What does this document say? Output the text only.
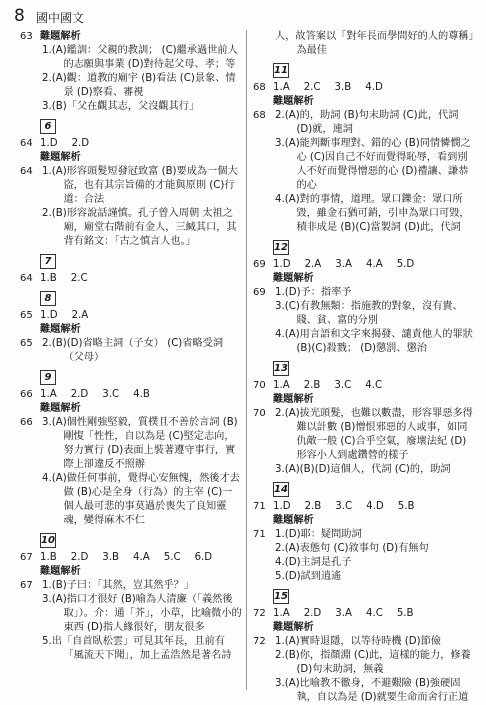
8 國中國文
63 難題解析
1.(A)鑑訓：父親的教訓； (C)繼承過世前人的志願與事業 (D)對待起父母、孝；等
2.(A)觀：道教的廟宇 (B)看法 (C)景象、情景 (D)察看、審視
3.(B)「父在觀其志，父沒觀其行」
6
64 1.D 2.D
難題解析
64 1.(A)形容頭髮短發冠致富 (B)要成為一個大盜，也有其宗旨備的才能與原則 (C)行道：合法
2.(B)形容說話謹慎。孔子曾入周朝 太祖之廟，廟堂右階前有金人，三緘其口，其背有銘文：「古之慎言人也。」
7
64 1.B 2.C
8
65 1.D 2.A
難題解析
65 2.(B)(D)省略主詞（子女） (C)省略受詞（父母）
9
66 1.A 2.D 3.C 4.B
難題解析
66 3.(A)個性剛強堅毅，質樸且不善於言詞 (B)剛愎「性性，自以為是 (C)堅定志向，努力實行 (D)表面上裝著遵守事行，實際上卻違反不照辦
4.(A)做任何事前，覺得心安無愧，然後才去做 (B)心是全身（行為）的主宰 (C)一個人最可悲的事莫過於喪失了良知靈魂，變得麻木不仁
10
67 1.B 2.D 3.B 4.A 5.C 6.D
難題解析
67 1.(B)子曰：「其然，豈其然乎？」
3.(A)指口才很好 (B)喻為人清廉（「義然後取」）。介：通「芥」，小草，比喻微小的東西 (D)指人緣很好，朋友很多
5.出「自首臥松雲」可見其年長，且前有「風流天下聞」，加上孟浩然是著名詩
人，故答案以「對年長而學問好的人的尊稱」為最佳
11
68 1.A 2.C 3.B 4.D
難題解析
68 2.(A)的，助詞 (B)句末助詞 (C)此，代詞 (D)就，連詞
3.(A)能判斷事理對、錯的心 (B)同情憐憫之心 (C)因自己不好而覺得恥辱，看到別人不好而覺得憎惡的心 (D)禮讓、謙恭的心
4.(A)對的事情，道理。眾口鑠金：眾口所毀，雖金石猶可銷，引申為眾口可毀，積非成是 (B)(C)當製詞 (D)此，代詞
12
69 1.D 2.A 3.A 4.A 5.D
難題解析
69 1.(D)予：指率予
3.(C)有教無類：指施教的對象，沒有貴、賤、貧、富的分別
4.(A)用言語和文字來揭發、譴責他人的罪狀 (B)(C)殺戮； (D)懲罰、懲治
13
70 1.A 2.B 3.C 4.C
難題解析
70 2.(A)拔光頭髮，也難以數盡，形容罪惡多得難以計數 (B)憎恨邪惡的人或事，如同仇敵一般 (C)合乎空氣，廢壞法紀 (D)形容小人到處鑽營的樣子
3.(A)(B)(D)這個人，代詞 (C)的，助詞
14
71 1.D 2.B 3.C 4.D 5.B
難題解析
71 1.(D)耶：疑問助詞
2.(A)表態句 (C)敘事句 (D)有無句
4.(D)主詞是孔子
5.(D)試到逍遙
15
72 1.A 2.D 3.A 4.C 5.B
難題解析
72 1.(A)實時退隱，以等待時機 (D)節儉
2.(B)你，指顏淵 (C)此，這樣的能力，修養 (D)句末助詞，無義
3.(A)比喻教不徹身，不避艱險 (B)強硬固執，自以為是 (D)就要生命而舍行正道
